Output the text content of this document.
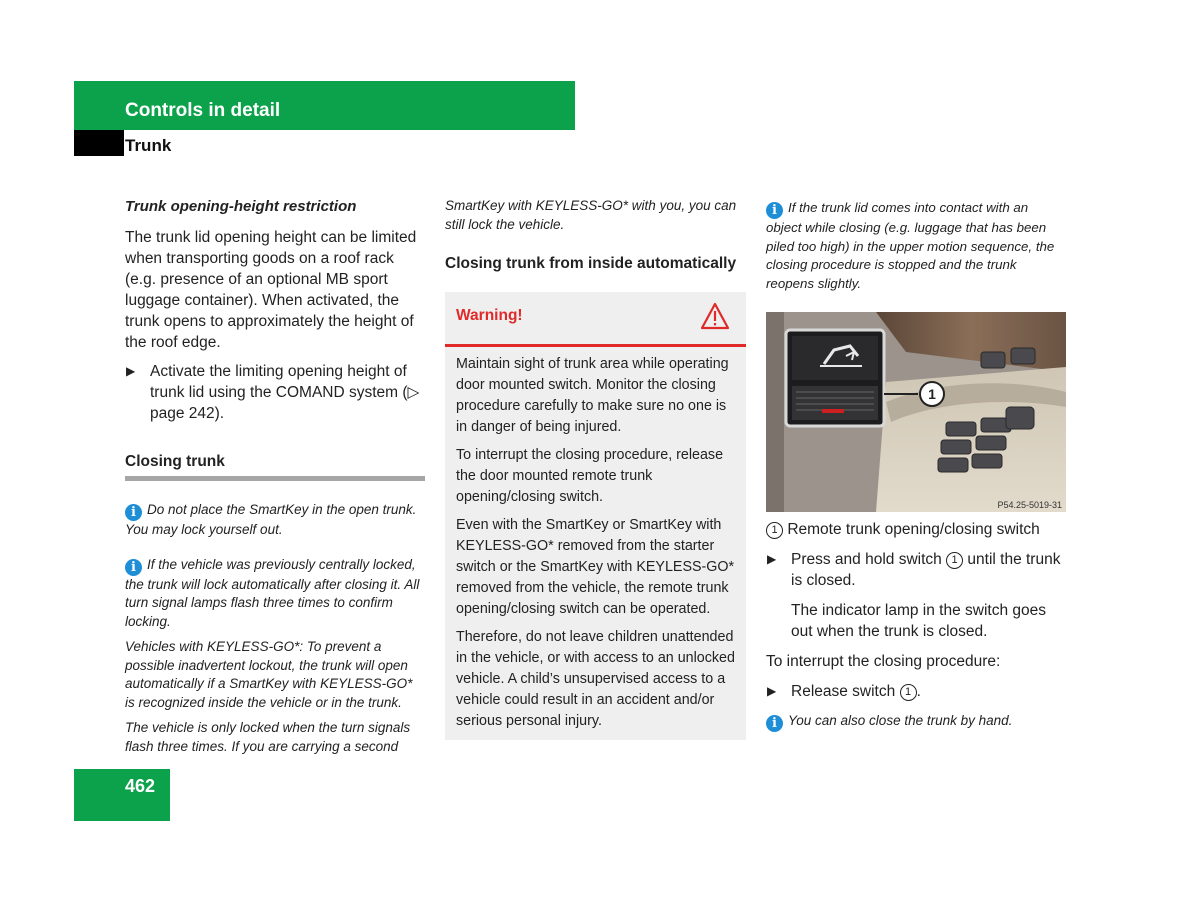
Controls in detail
Trunk

Trunk opening-height restriction

The trunk lid opening height can be limited when transporting goods on a roof rack (e.g. presence of an optional MB sport luggage container). When activated, the trunk opens to approximately the height of the roof edge.

▶ Activate the limiting opening height of trunk lid using the COMAND system (▷ page 242).

Closing trunk

i Do not place the SmartKey in the open trunk. You may lock yourself out.

i If the vehicle was previously centrally locked, the trunk will lock automatically after closing it. All turn signal lamps flash three times to confirm locking.

Vehicles with KEYLESS-GO*: To prevent a possible inadvertent lockout, the trunk will open automatically if a SmartKey with KEYLESS-GO* is recognized inside the vehicle or in the trunk.

The vehicle is only locked when the turn signals flash three times. If you are carrying a second

SmartKey with KEYLESS-GO* with you, you can still lock the vehicle.

Closing trunk from inside automatically

Warning!

Maintain sight of trunk area while operating door mounted switch. Monitor the closing procedure carefully to make sure no one is in danger of being injured.

To interrupt the closing procedure, release the door mounted remote trunk opening/closing switch.

Even with the SmartKey or SmartKey with KEYLESS-GO* removed from the starter switch or the SmartKey with KEYLESS-GO* removed from the vehicle, the remote trunk opening/closing switch can be operated.

Therefore, do not leave children unattended in the vehicle, or with access to an unlocked vehicle. A child’s unsupervised access to a vehicle could result in an accident and/or serious personal injury.

i If the trunk lid comes into contact with an object while closing (e.g. luggage that has been piled too high) in the upper motion sequence, the closing procedure is stopped and the trunk reopens slightly.

1
P54.25-5019-31

1 Remote trunk opening/closing switch

▶ Press and hold switch 1 until the trunk is closed.

The indicator lamp in the switch goes out when the trunk is closed.

To interrupt the closing procedure:

▶ Release switch 1 .

i You can also close the trunk by hand.

462
